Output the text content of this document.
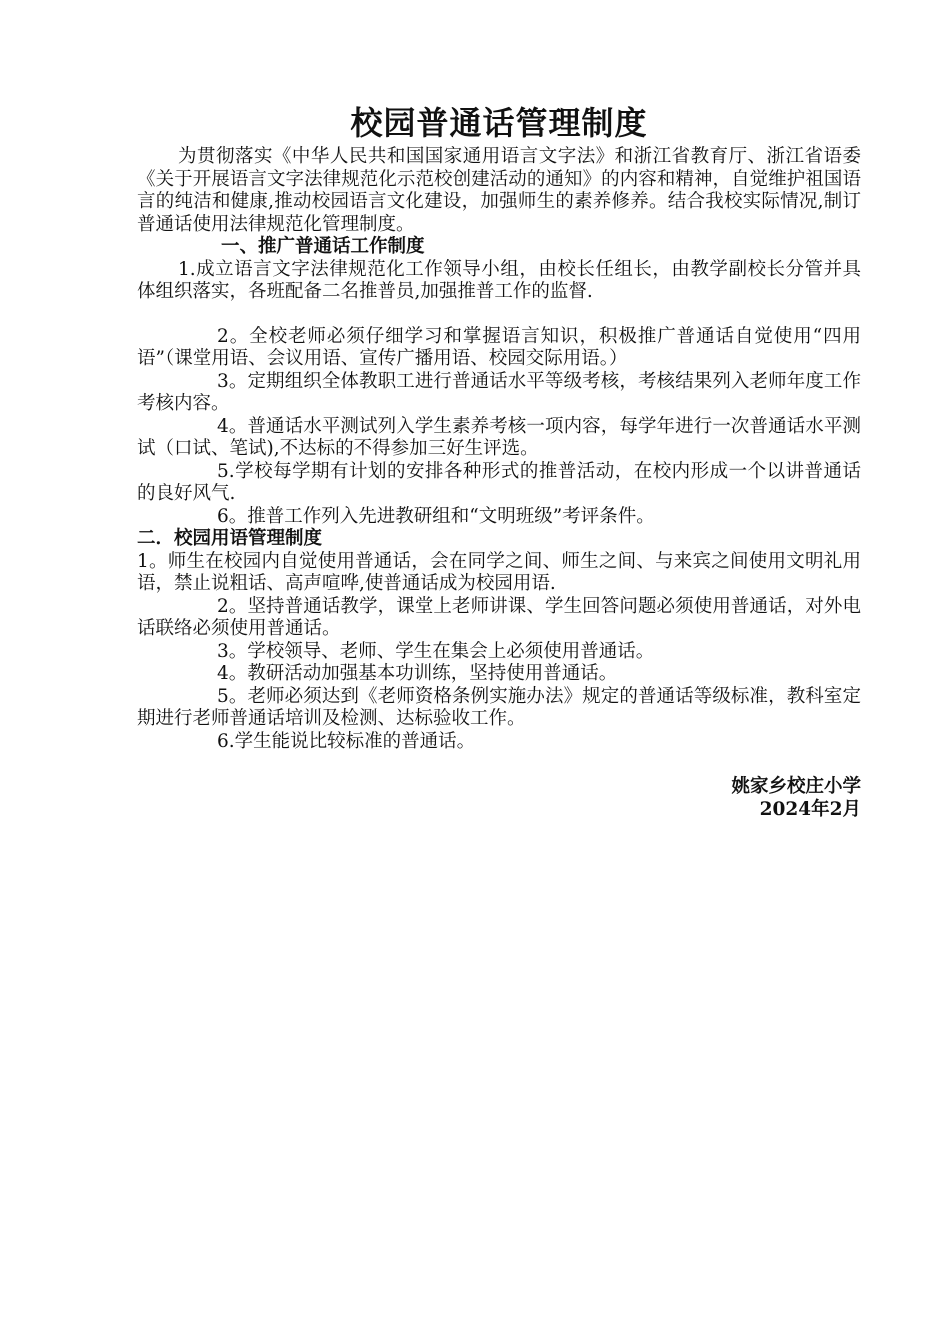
校园普通话管理制度

为贯彻落实《中华人民共和国国家通用语言文字法》和浙江省教育厅、浙江省语委《关于开展语言文字法律规范化示范校创建活动的通知》的内容和精神，自觉维护祖国语言的纯洁和健康,推动校园语言文化建设，加强师生的素养修养。结合我校实际情况,制订普通话使用法律规范化管理制度。

一、推广普通话工作制度

1.成立语言文字法律规范化工作领导小组，由校长任组长，由教学副校长分管并具体组织落实，各班配备二名推普员,加强推普工作的监督.

2。全校老师必须仔细学习和掌握语言知识，积极推广普通话自觉使用“四用语”（课堂用语、会议用语、宣传广播用语、校园交际用语。）

3。定期组织全体教职工进行普通话水平等级考核，考核结果列入老师年度工作考核内容。

4。普通话水平测试列入学生素养考核一项内容，每学年进行一次普通话水平测试（口试、笔试),不达标的不得参加三好生评选。

5.学校每学期有计划的安排各种形式的推普活动，在校内形成一个以讲普通话的良好风气.

6。推普工作列入先进教研组和“文明班级”考评条件。

二．校园用语管理制度

1。师生在校园内自觉使用普通话，会在同学之间、师生之间、与来宾之间使用文明礼用语，禁止说粗话、高声喧哗,使普通话成为校园用语.

2。坚持普通话教学，课堂上老师讲课、学生回答问题必须使用普通话，对外电话联络必须使用普通话。

3。学校领导、老师、学生在集会上必须使用普通话。

4。教研活动加强基本功训练，坚持使用普通话。

5。老师必须达到《老师资格条例实施办法》规定的普通话等级标准，教科室定期进行老师普通话培训及检测、达标验收工作。

6.学生能说比较标准的普通话。

姚家乡校庄小学
2024年2月
